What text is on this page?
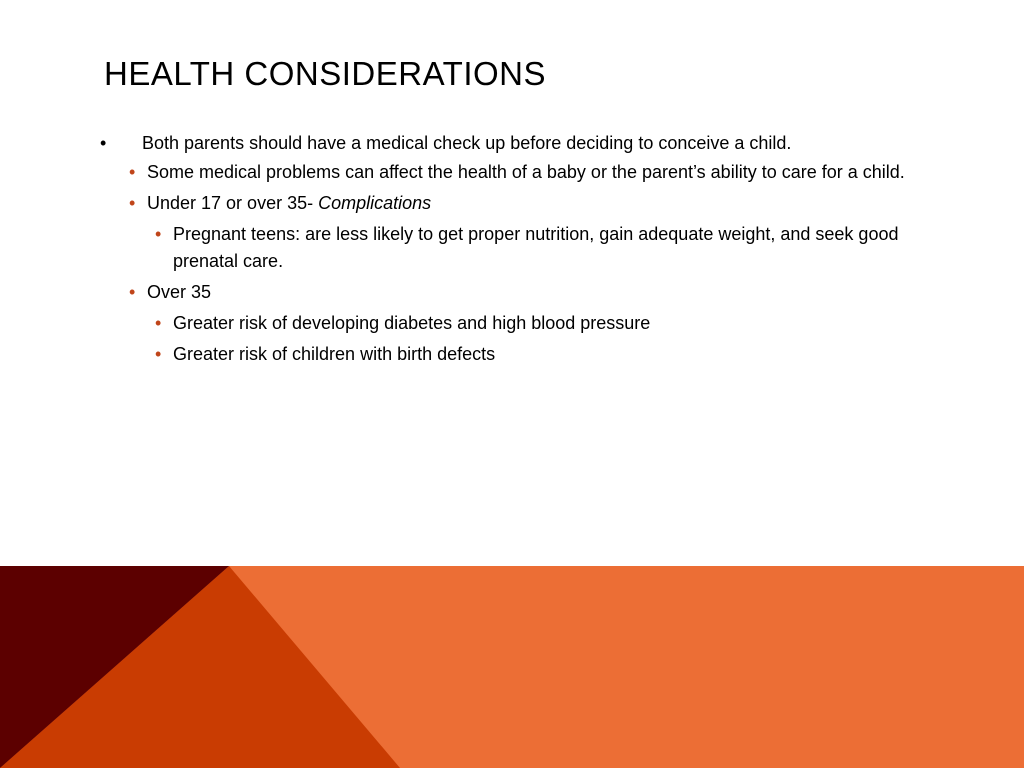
HEALTH CONSIDERATIONS
• Both parents should have a medical check up before deciding to conceive a child.
• Some medical problems can affect the health of a baby or the parent’s ability to care for a child.
• Under 17 or over 35- Complications
• Pregnant teens: are less likely to get proper nutrition, gain adequate weight, and seek good prenatal care.
• Over 35
• Greater risk of developing diabetes and high blood pressure
• Greater risk of children with birth defects
